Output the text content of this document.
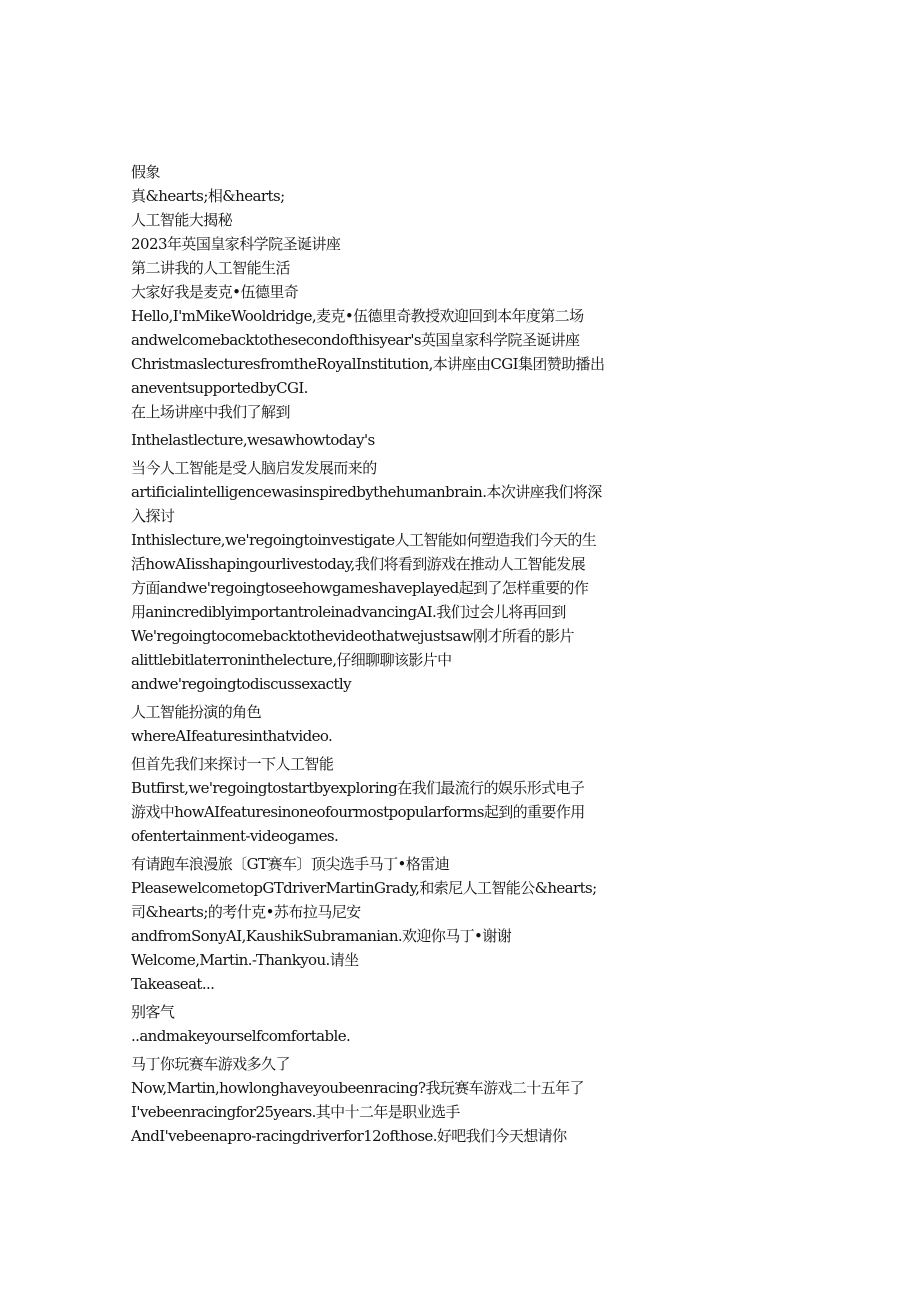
假象
真&hearts;相&hearts;
人工智能大揭秘
2023年英国皇家科学院圣诞讲座
第二讲我的人工智能生活
大家好我是麦克•伍德里奇
Hello,I'mMikeWooldridge,麦克•伍德里奇教授欢迎回到本年度第二场
andwelcomebacktothesecondofthisyear's英国皇家科学院圣诞讲座
ChristmaslecturesfromtheRoyalInstitution,本讲座由CGI集团赞助播出
aneventsupportedbyCGI.
在上场讲座中我们了解到
Inthelastlecture,wesawhowtoday's
当今人工智能是受人脑启发发展而来的
artificialintelligencewasinspiredbythehumanbrain.本次讲座我们将深
入探讨
Inthislecture,we'regoingtoinvestigate人工智能如何塑造我们今天的生
活howAIisshapingourlivestoday,我们将看到游戏在推动人工智能发展
方面andwe'regoingtoseehowgameshaveplayed起到了怎样重要的作
用anincrediblyimportantroleinadvancingAI.我们过会儿将再回到
We'regoingtocomebacktothevideothatwejustsaw刚才所看的影片
alittlebitlaterroninthelecture,仔细聊聊该影片中
andwe'regoingtodiscussexactly
人工智能扮演的角色
whereAIfeaturesinthatvideo.
但首先我们来探讨一下人工智能
Butfirst,we'regoingtostartbyexploring在我们最流行的娱乐形式电子
游戏中howAIfeaturesinoneofourmostpopularforms起到的重要作用
ofentertainment-videogames.
有请跑车浪漫旅〔GT赛车〕顶尖选手马丁•格雷迪
PleasewelcometopGTdriverMartinGrady,和索尼人工智能公&hearts;
司&hearts;的考什克•苏布拉马尼安
andfromSonyAI,KaushikSubramanian.欢迎你马丁•谢谢
Welcome,Martin.-Thankyou.请坐
Takeaseat...
别客气
..andmakeyourselfcomfortable.
马丁你玩赛车游戏多久了
Now,Martin,howlonghaveyoubeenracing?我玩赛车游戏二十五年了
I'vebeenracingfor25years.其中十二年是职业选手
AndI'vebeenapro-racingdriverfor12ofthose.好吧我们今天想请你
